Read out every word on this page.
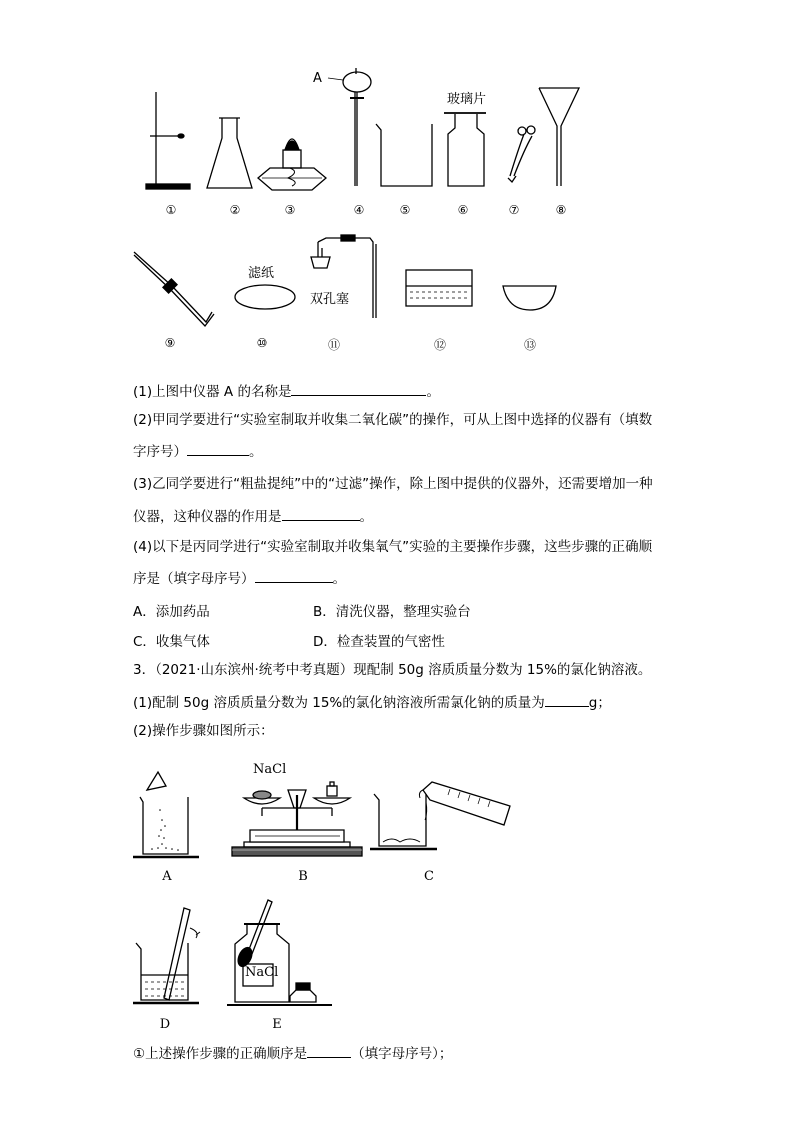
A
玻璃片
滤纸
双孔塞
①	②	③	④	⑤	⑥	⑦	⑧
⑨	⑩	⑪	⑫	⑬
(1)上图中仪器 A 的名称是	。
(2)甲同学要进行“实验室制取并收集二氧化碳”的操作，可从上图中选择的仪器有（填数
字序号）	。
(3)乙同学要进行“粗盐提纯”中的“过滤”操作，除上图中提供的仪器外，还需要增加一种
仪器，这种仪器的作用是	。
(4)以下是丙同学进行“实验室制取并收集氧气”实验的主要操作步骤，这些步骤的正确顺
序是（填字母序号）	。
A．添加药品	B．清洗仪器，整理实验台
C．收集气体	D．检查装置的气密性
3．（2021·山东滨州·统考中考真题）现配制 50g 溶质质量分数为 15%的氯化钠溶液。
(1)配制 50g 溶质质量分数为 15%的氯化钠溶液所需氯化钠的质量为	g；
(2)操作步骤如图所示：
NaCl
NaCl
A	B	C
D	E
①上述操作步骤的正确顺序是	（填字母序号）；
